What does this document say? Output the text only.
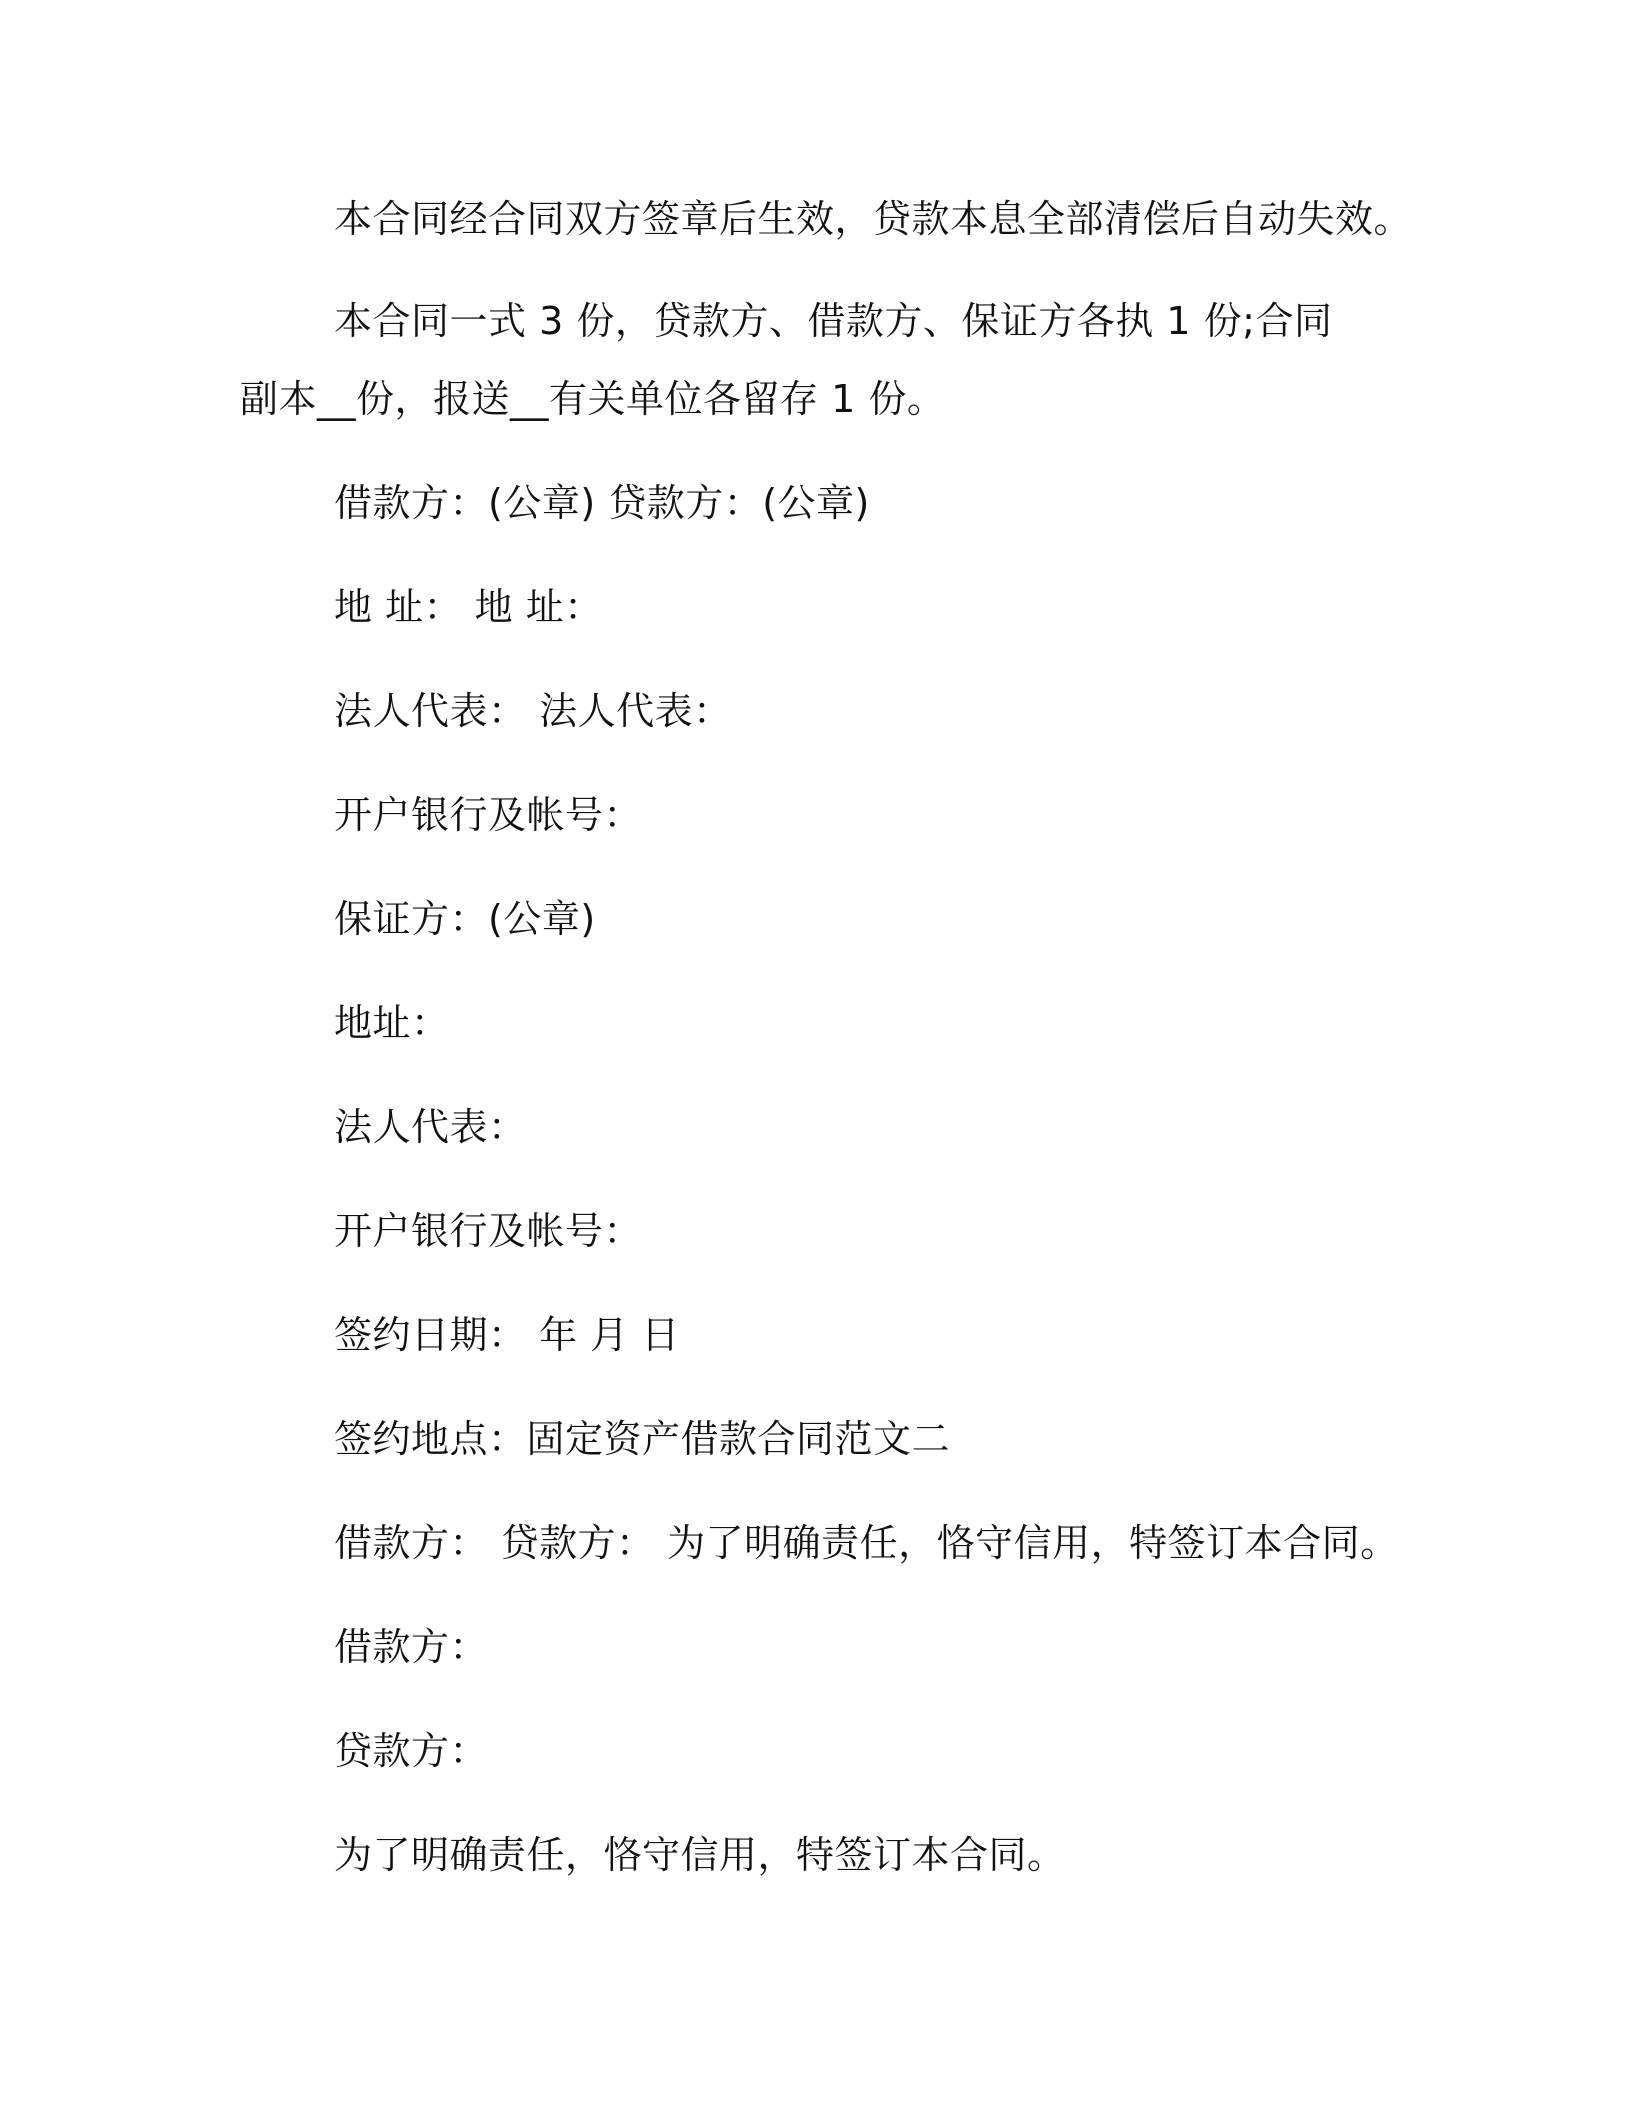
本合同经合同双方签章后生效，贷款本息全部清偿后自动失效。
本合同一式 3 份，贷款方、借款方、保证方各执 1 份;合同副本__份，报送__有关单位各留存 1 份。
借款方：(公章) 贷款方：(公章)
地 址： 地 址：
法人代表： 法人代表：
开户银行及帐号：
保证方：(公章)
地址：
法人代表：
开户银行及帐号：
签约日期： 年 月 日
签约地点：固定资产借款合同范文二
借款方： 贷款方： 为了明确责任，恪守信用，特签订本合同。
借款方：
贷款方：
为了明确责任，恪守信用，特签订本合同。
